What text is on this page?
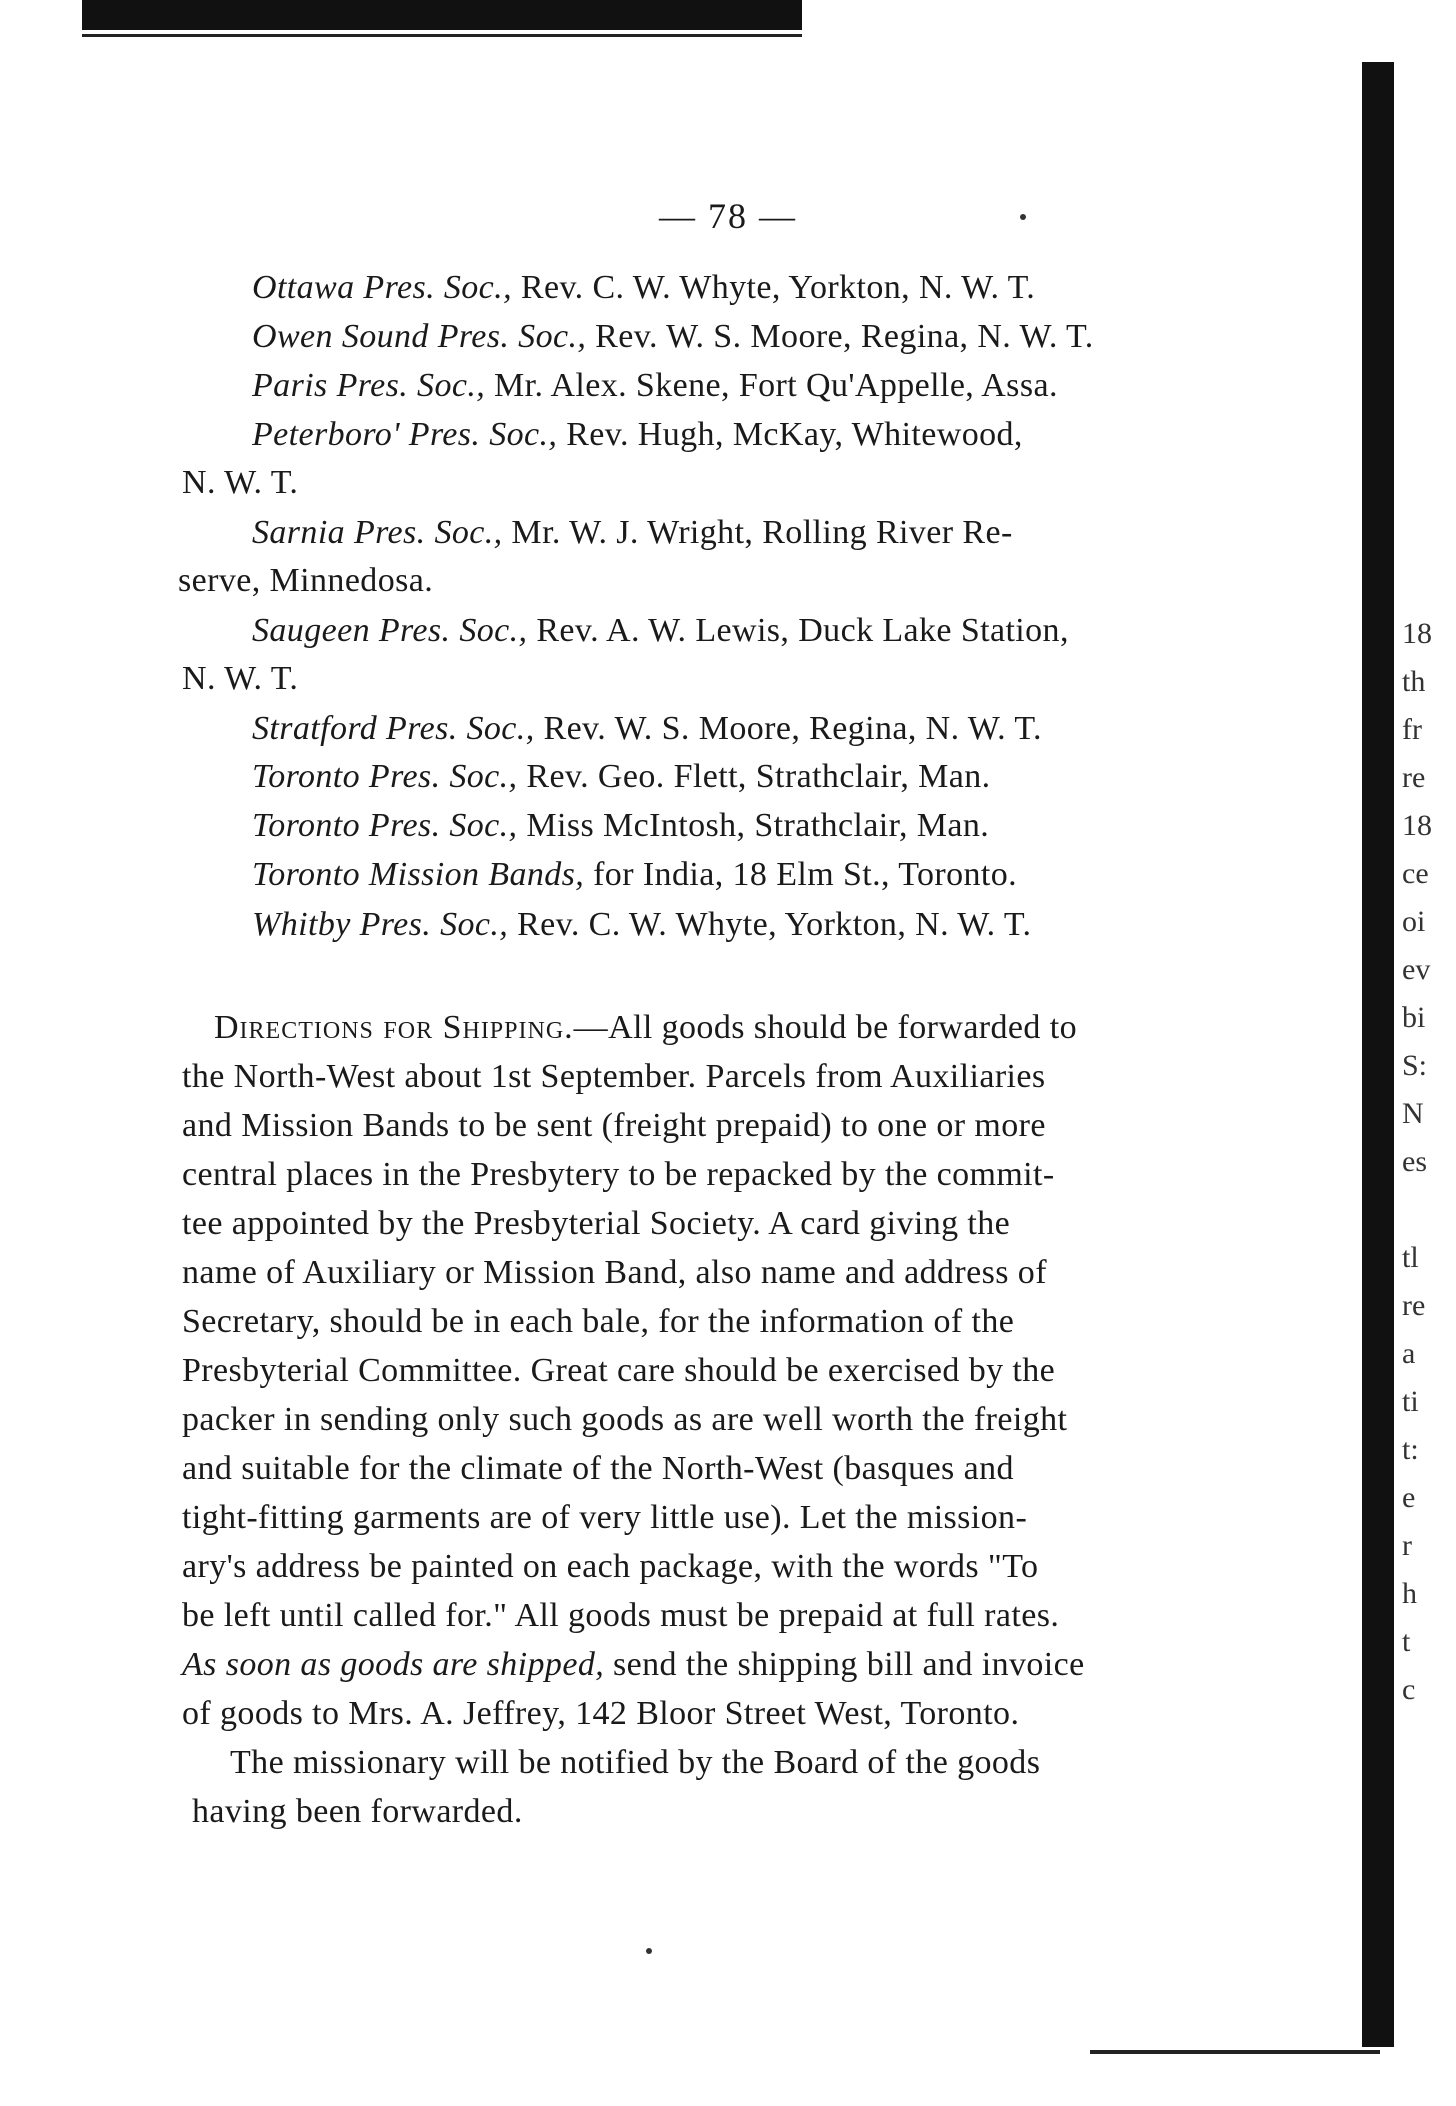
— 78 —
Ottawa Pres. Soc., Rev. C. W. Whyte, Yorkton, N. W. T.
Owen Sound Pres. Soc., Rev. W. S. Moore, Regina, N. W. T.
Paris Pres. Soc., Mr. Alex. Skene, Fort Qu'Appelle, Assa.
Peterboro' Pres. Soc., Rev. Hugh, McKay, Whitewood,
N. W. T.
Sarnia Pres. Soc., Mr. W. J. Wright, Rolling River Re-
serve, Minnedosa.
Saugeen Pres. Soc., Rev. A. W. Lewis, Duck Lake Station,
N. W. T.
Stratford Pres. Soc., Rev. W. S. Moore, Regina, N. W. T.
Toronto Pres. Soc., Rev. Geo. Flett, Strathclair, Man.
Toronto Pres. Soc., Miss McIntosh, Strathclair, Man.
Toronto Mission Bands, for India, 18 Elm St., Toronto.
Whitby Pres. Soc., Rev. C. W. Whyte, Yorkton, N. W. T.
Directions for Shipping.—All goods should be forwarded to
the North-West about 1st September. Parcels from Auxiliaries
and Mission Bands to be sent (freight prepaid) to one or more
central places in the Presbytery to be repacked by the commit-
tee appointed by the Presbyterial Society. A card giving the
name of Auxiliary or Mission Band, also name and address of
Secretary, should be in each bale, for the information of the
Presbyterial Committee. Great care should be exercised by the
packer in sending only such goods as are well worth the freight
and suitable for the climate of the North-West (basques and
tight-fitting garments are of very little use). Let the mission-
ary's address be painted on each package, with the words "To
be left until called for." All goods must be prepaid at full rates.
As soon as goods are shipped, send the shipping bill and invoice
of goods to Mrs. A. Jeffrey, 142 Bloor Street West, Toronto.
The missionary will be notified by the Board of the goods
having been forwarded.
18
th
fr
re
18
ce
oi
ev
bi
S:
N
es
tl
re
a
ti
t:
e
r
h
t
c
